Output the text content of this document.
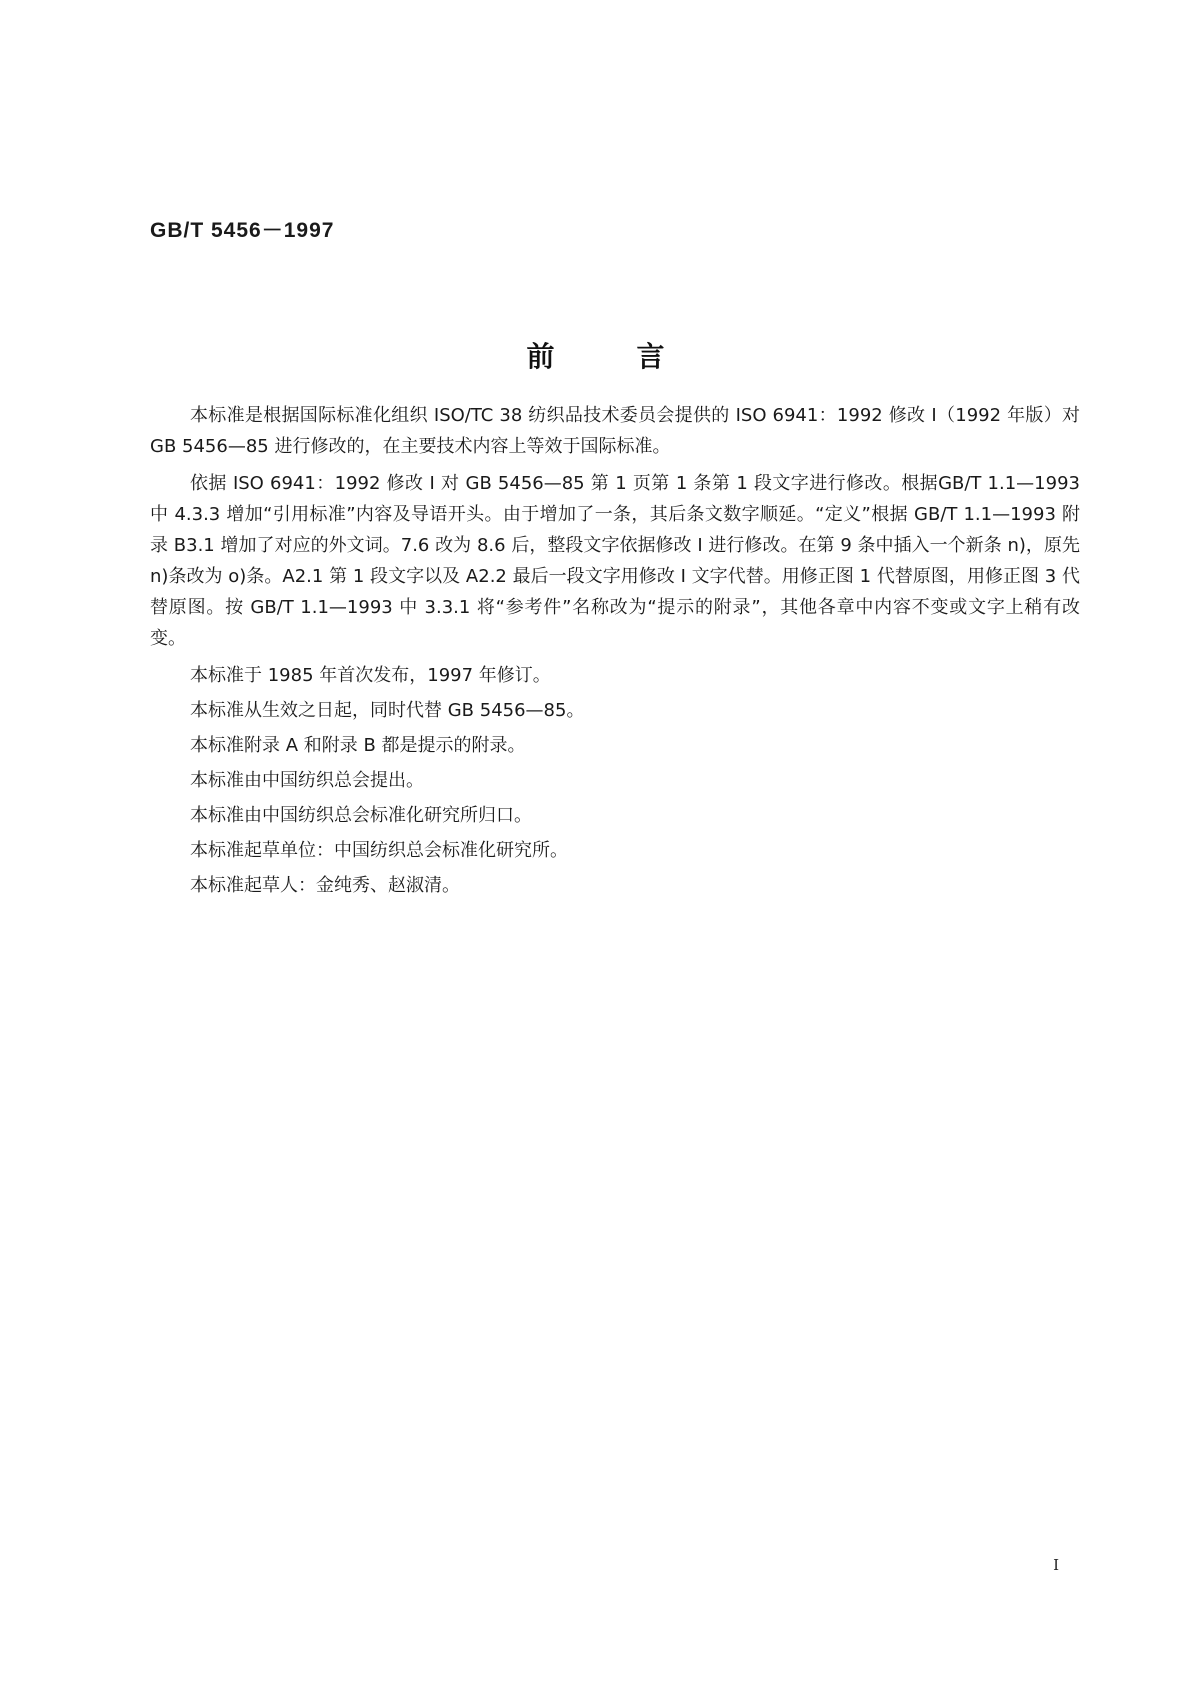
GB/T 5456－1997
前言

本标准是根据国际标准化组织 ISO/TC 38 纺织品技术委员会提供的 ISO 6941：1992 修改 I（1992 年版）对 GB 5456—85 进行修改的，在主要技术内容上等效于国际标准。

依据 ISO 6941：1992 修改 I 对 GB 5456—85 第 1 页第 1 条第 1 段文字进行修改。根据GB/T 1.1—1993 中 4.3.3 增加“引用标准”内容及导语开头。由于增加了一条，其后条文数字顺延。“定义”根据 GB/T 1.1—1993 附录 B3.1 增加了对应的外文词。7.6 改为 8.6 后，整段文字依据修改 I 进行修改。在第 9 条中插入一个新条 n)，原先 n)条改为 o)条。A2.1 第 1 段文字以及 A2.2 最后一段文字用修改 I 文字代替。用修正图 1 代替原图，用修正图 3 代替原图。按 GB/T 1.1—1993 中 3.3.1 将“参考件”名称改为“提示的附录”，其他各章中内容不变或文字上稍有改变。

本标准于 1985 年首次发布，1997 年修订。

本标准从生效之日起，同时代替 GB 5456—85。

本标准附录 A 和附录 B 都是提示的附录。

本标准由中国纺织总会提出。

本标准由中国纺织总会标准化研究所归口。

本标准起草单位：中国纺织总会标准化研究所。

本标准起草人：金纯秀、赵淑清。

I
